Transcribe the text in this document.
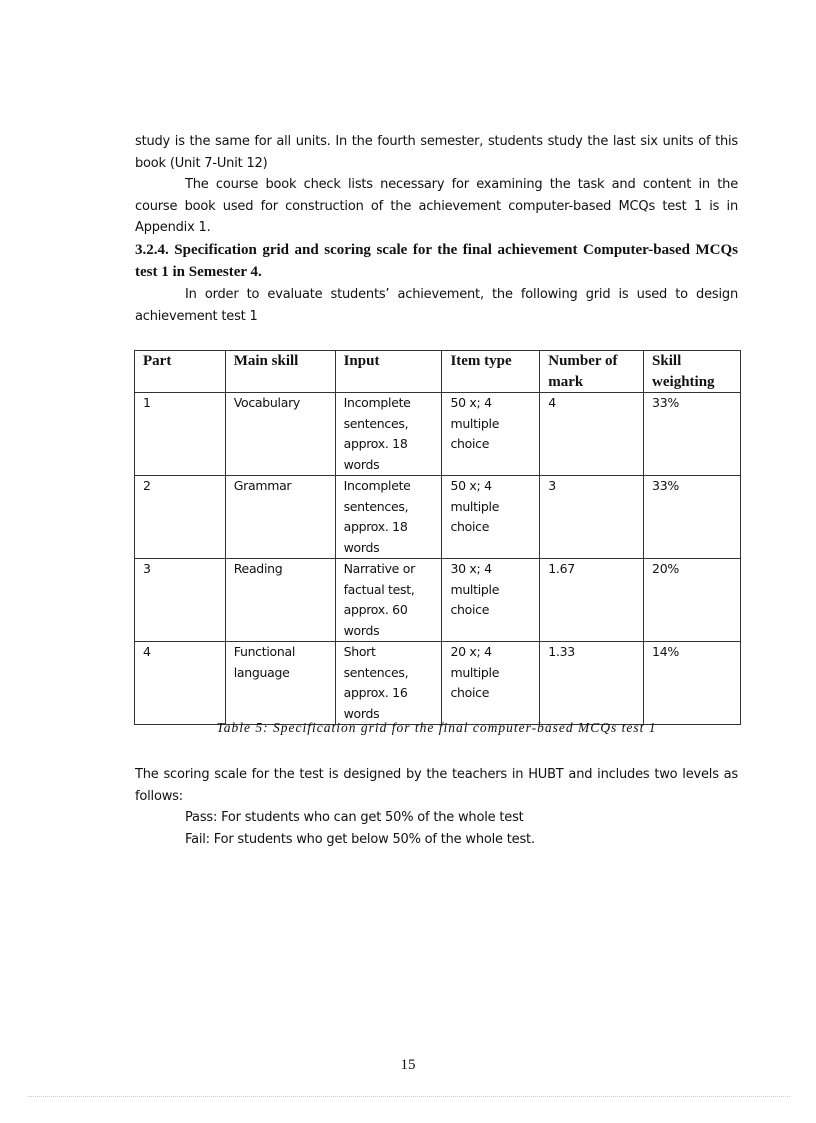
study is the same for all units. In the fourth semester, students study the last six units of this book (Unit 7-Unit 12)

The course book check lists necessary for examining the task and content in the course book used for construction of the achievement computer-based MCQs test 1 is in Appendix 1.

3.2.4. Specification grid and scoring scale for the final achievement Computer-based MCQs test 1 in Semester 4.

In order to evaluate students’ achievement, the following grid is used to design achievement test 1

Part	Main skill	Input	Item type	Number of mark	Skill weighting
1	Vocabulary	Incomplete sentences, approx. 18 words	50 x; 4 multiple choice	4	33%
2	Grammar	Incomplete sentences, approx. 18 words	50 x; 4 multiple choice	3	33%
3	Reading	Narrative or factual test, approx. 60 words	30 x; 4 multiple choice	1.67	20%
4	Functional language	Short sentences, approx. 16 words	20 x; 4 multiple choice	1.33	14%

Table 5: Specification grid for the final computer-based MCQs test 1

The scoring scale for the test is designed by the teachers in HUBT and includes two levels as follows:

Pass: For students who can get 50% of the whole test

Fail: For students who get below 50% of the whole test.

15
